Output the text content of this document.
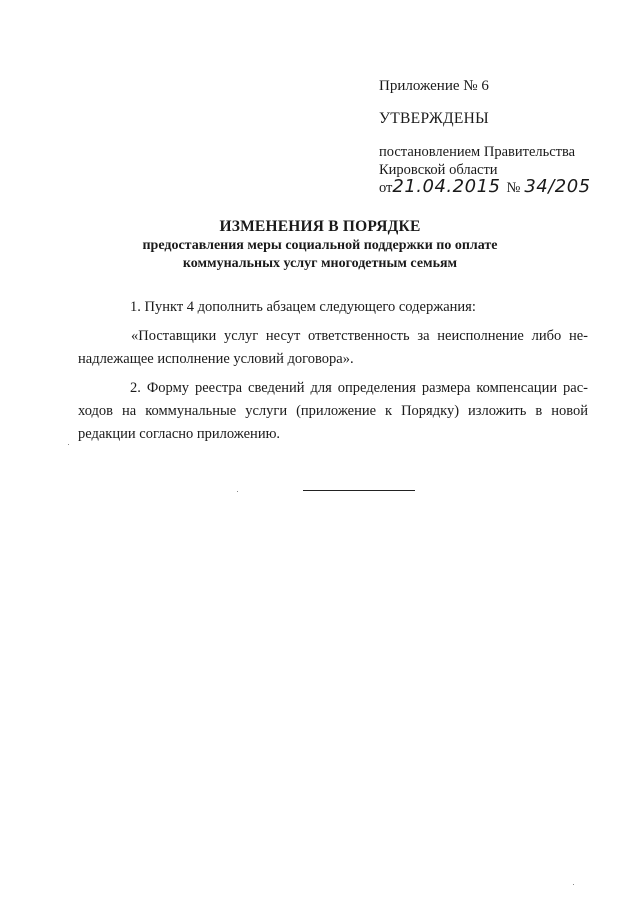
Приложение № 6
УТВЕРЖДЕНЫ
постановлением Правительства
Кировской области
от21.04.2015 № 34/205
ИЗМЕНЕНИЯ В ПОРЯДКЕ
предоставления меры социальной поддержки по оплате
коммунальных услуг многодетным семьям
1. Пункт 4 дополнить абзацем следующего содержания:
«Поставщики услуг несут ответственность за неисполнение либо не-
надлежащее исполнение условий договора».
2. Форму реестра сведений для определения размера компенсации рас-
ходов на коммунальные услуги (приложение к Порядку) изложить в новой
редакции согласно приложению.
